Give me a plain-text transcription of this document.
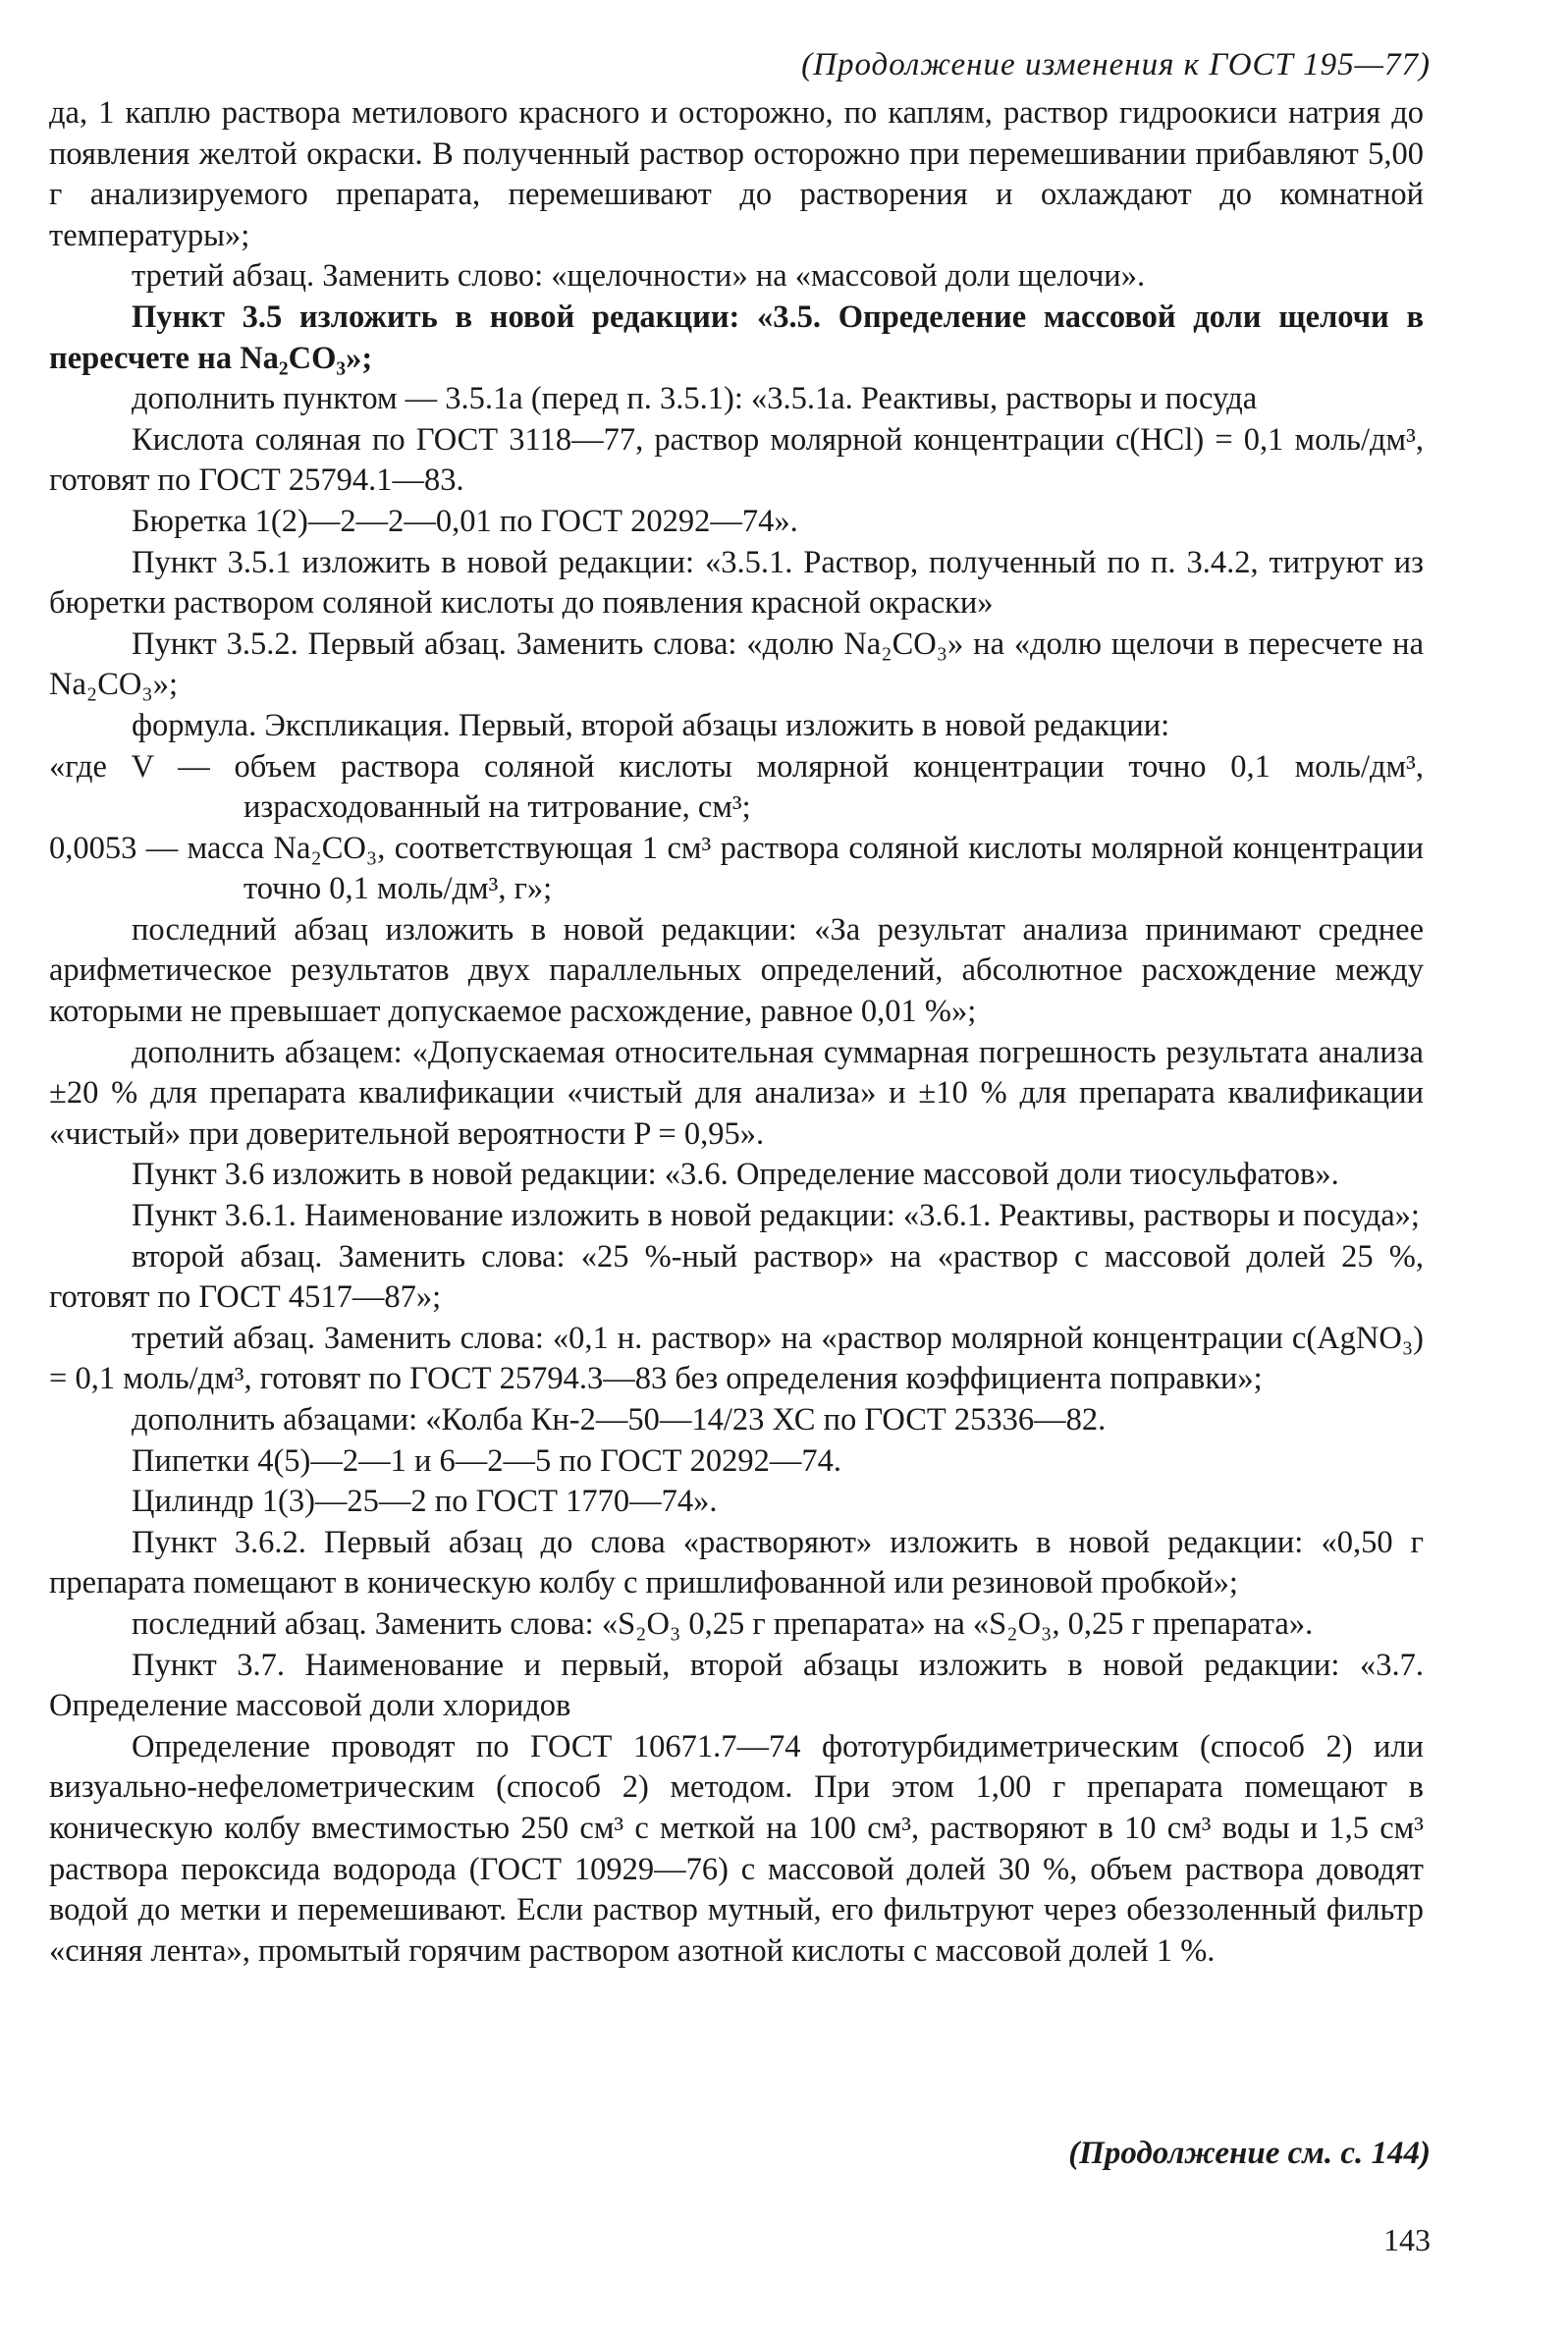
(Продолжение изменения к ГОСТ 195—77)

да, 1 каплю раствора метилового красного и осторожно, по каплям, раствор гидроокиси натрия до появления желтой окраски. В полученный раствор осторожно при перемешивании прибавляют 5,00 г анализируемого препарата, перемешивают до растворения и охлаждают до комнатной температуры»;

третий абзац. Заменить слово: «щелочности» на «массовой доли щелочи».

Пункт 3.5 изложить в новой редакции: «3.5. Определение массовой доли щелочи в пересчете на Na₂CO₃»;

дополнить пунктом — 3.5.1а (перед п. 3.5.1): «3.5.1а. Реактивы, растворы и посуда

Кислота соляная по ГОСТ 3118—77, раствор молярной концентрации c(HCl) = 0,1 моль/дм³, готовят по ГОСТ 25794.1—83.

Бюретка 1(2)—2—2—0,01 по ГОСТ 20292—74».

Пункт 3.5.1 изложить в новой редакции: «3.5.1. Раствор, полученный по п. 3.4.2, титруют из бюретки раствором соляной кислоты до появления красной окраски»

Пункт 3.5.2. Первый абзац. Заменить слова: «долю Na₂CO₃» на «долю щелочи в пересчете на Na₂CO₃»;

формула. Экспликация. Первый, второй абзацы изложить в новой редакции:

«где V — объем раствора соляной кислоты молярной концентрации точно 0,1 моль/дм³, израсходованный на титрование, см³;

0,0053 — масса Na₂CO₃, соответствующая 1 см³ раствора соляной кислоты молярной концентрации точно 0,1 моль/дм³, г»;

последний абзац изложить в новой редакции: «За результат анализа принимают среднее арифметическое результатов двух параллельных определений, абсолютное расхождение между которыми не превышает допускаемое расхождение, равное 0,01 %»;

дополнить абзацем: «Допускаемая относительная суммарная погрешность результата анализа ±20 % для препарата квалификации «чистый для анализа» и ±10 % для препарата квалификации «чистый» при доверительной вероятности P = 0,95».

Пункт 3.6 изложить в новой редакции: «3.6. Определение массовой доли тиосульфатов».

Пункт 3.6.1. Наименование изложить в новой редакции: «3.6.1. Реактивы, растворы и посуда»;

второй абзац. Заменить слова: «25 %-ный раствор» на «раствор с массовой долей 25 %, готовят по ГОСТ 4517—87»;

третий абзац. Заменить слова: «0,1 н. раствор» на «раствор молярной концентрации c(AgNO₃) = 0,1 моль/дм³, готовят по ГОСТ 25794.3—83 без определения коэффициента поправки»;

дополнить абзацами: «Колба Кн-2—50—14/23 ХС по ГОСТ 25336—82.

Пипетки 4(5)—2—1 и 6—2—5 по ГОСТ 20292—74.

Цилиндр 1(3)—25—2 по ГОСТ 1770—74».

Пункт 3.6.2. Первый абзац до слова «растворяют» изложить в новой редакции: «0,50 г препарата помещают в коническую колбу с пришлифованной или резиновой пробкой»;

последний абзац. Заменить слова: «S₂O₃ 0,25 г препарата» на «S₂O₃, 0,25 г препарата».

Пункт 3.7. Наименование и первый, второй абзацы изложить в новой редакции: «3.7. Определение массовой доли хлоридов

Определение проводят по ГОСТ 10671.7—74 фототурбидиметрическим (способ 2) или визуально-нефелометрическим (способ 2) методом. При этом 1,00 г препарата помещают в коническую колбу вместимостью 250 см³ с меткой на 100 см³, растворяют в 10 см³ воды и 1,5 см³ раствора пероксида водорода (ГОСТ 10929—76) с массовой долей 30 %, объем раствора доводят водой до метки и перемешивают. Если раствор мутный, его фильтруют через обеззоленный фильтр «синяя лента», промытый горячим раствором азотной кислоты с массовой долей 1 %.

(Продолжение см. с. 144)
143
